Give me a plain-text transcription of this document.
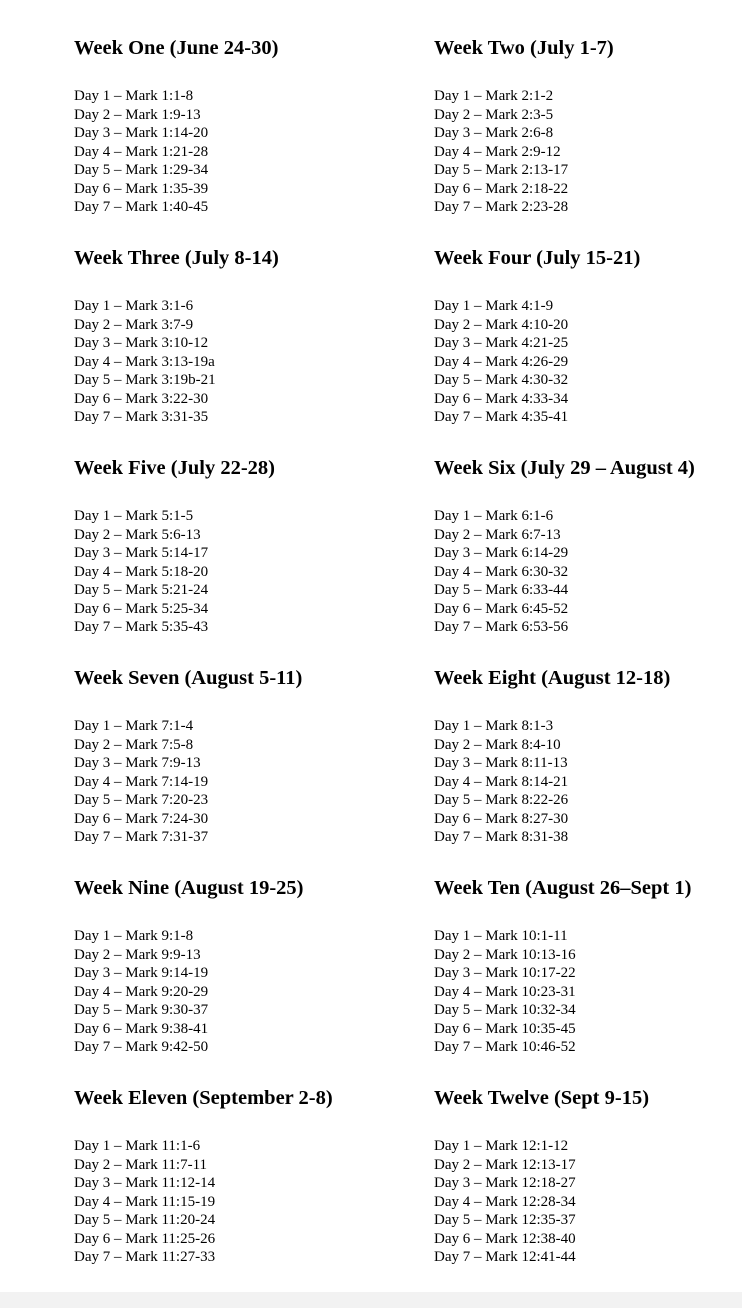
Week One (June 24-30)
Day 1 – Mark 1:1-8
Day 2 – Mark 1:9-13
Day 3 – Mark 1:14-20
Day 4 – Mark 1:21-28
Day 5 – Mark 1:29-34
Day 6 – Mark 1:35-39
Day 7 – Mark 1:40-45
Week Two (July 1-7)
Day 1 – Mark 2:1-2
Day 2 – Mark 2:3-5
Day 3 – Mark 2:6-8
Day 4 – Mark 2:9-12
Day 5 – Mark 2:13-17
Day 6 – Mark 2:18-22
Day 7 – Mark 2:23-28
Week Three (July 8-14)
Day 1 – Mark 3:1-6
Day 2 – Mark 3:7-9
Day 3 – Mark 3:10-12
Day 4 – Mark 3:13-19a
Day 5 – Mark 3:19b-21
Day 6 – Mark 3:22-30
Day 7 – Mark 3:31-35
Week Four (July 15-21)
Day 1 – Mark 4:1-9
Day 2 – Mark 4:10-20
Day 3 – Mark 4:21-25
Day 4 – Mark 4:26-29
Day 5 – Mark 4:30-32
Day 6 – Mark 4:33-34
Day 7 – Mark 4:35-41
Week Five (July 22-28)
Day 1 – Mark 5:1-5
Day 2 – Mark 5:6-13
Day 3 – Mark 5:14-17
Day 4 – Mark 5:18-20
Day 5 – Mark 5:21-24
Day 6 – Mark 5:25-34
Day 7 – Mark 5:35-43
Week Six (July 29 – August 4)
Day 1 – Mark 6:1-6
Day 2 – Mark 6:7-13
Day 3 – Mark 6:14-29
Day 4 – Mark 6:30-32
Day 5 – Mark 6:33-44
Day 6 – Mark 6:45-52
Day 7 – Mark 6:53-56
Week Seven (August 5-11)
Day 1 – Mark 7:1-4
Day 2 – Mark 7:5-8
Day 3 – Mark 7:9-13
Day 4 – Mark 7:14-19
Day 5 – Mark 7:20-23
Day 6 – Mark 7:24-30
Day 7 – Mark 7:31-37
Week Eight (August 12-18)
Day 1 – Mark 8:1-3
Day 2 – Mark 8:4-10
Day 3 – Mark 8:11-13
Day 4 – Mark 8:14-21
Day 5 – Mark 8:22-26
Day 6 – Mark 8:27-30
Day 7 – Mark 8:31-38
Week Nine (August 19-25)
Day 1 – Mark 9:1-8
Day 2 – Mark 9:9-13
Day 3 – Mark 9:14-19
Day 4 – Mark 9:20-29
Day 5 – Mark 9:30-37
Day 6 – Mark 9:38-41
Day 7 – Mark 9:42-50
Week Ten (August 26–Sept 1)
Day 1 – Mark 10:1-11
Day 2 – Mark 10:13-16
Day 3 – Mark 10:17-22
Day 4 – Mark 10:23-31
Day 5 – Mark 10:32-34
Day 6 – Mark 10:35-45
Day 7 – Mark 10:46-52
Week Eleven (September 2-8)
Day 1 – Mark 11:1-6
Day 2 – Mark 11:7-11
Day 3 – Mark 11:12-14
Day 4 – Mark 11:15-19
Day 5 – Mark 11:20-24
Day 6 – Mark 11:25-26
Day 7 – Mark 11:27-33
Week Twelve (Sept 9-15)
Day 1 – Mark 12:1-12
Day 2 – Mark 12:13-17
Day 3 – Mark 12:18-27
Day 4 – Mark 12:28-34
Day 5 – Mark 12:35-37
Day 6 – Mark 12:38-40
Day 7 – Mark 12:41-44
